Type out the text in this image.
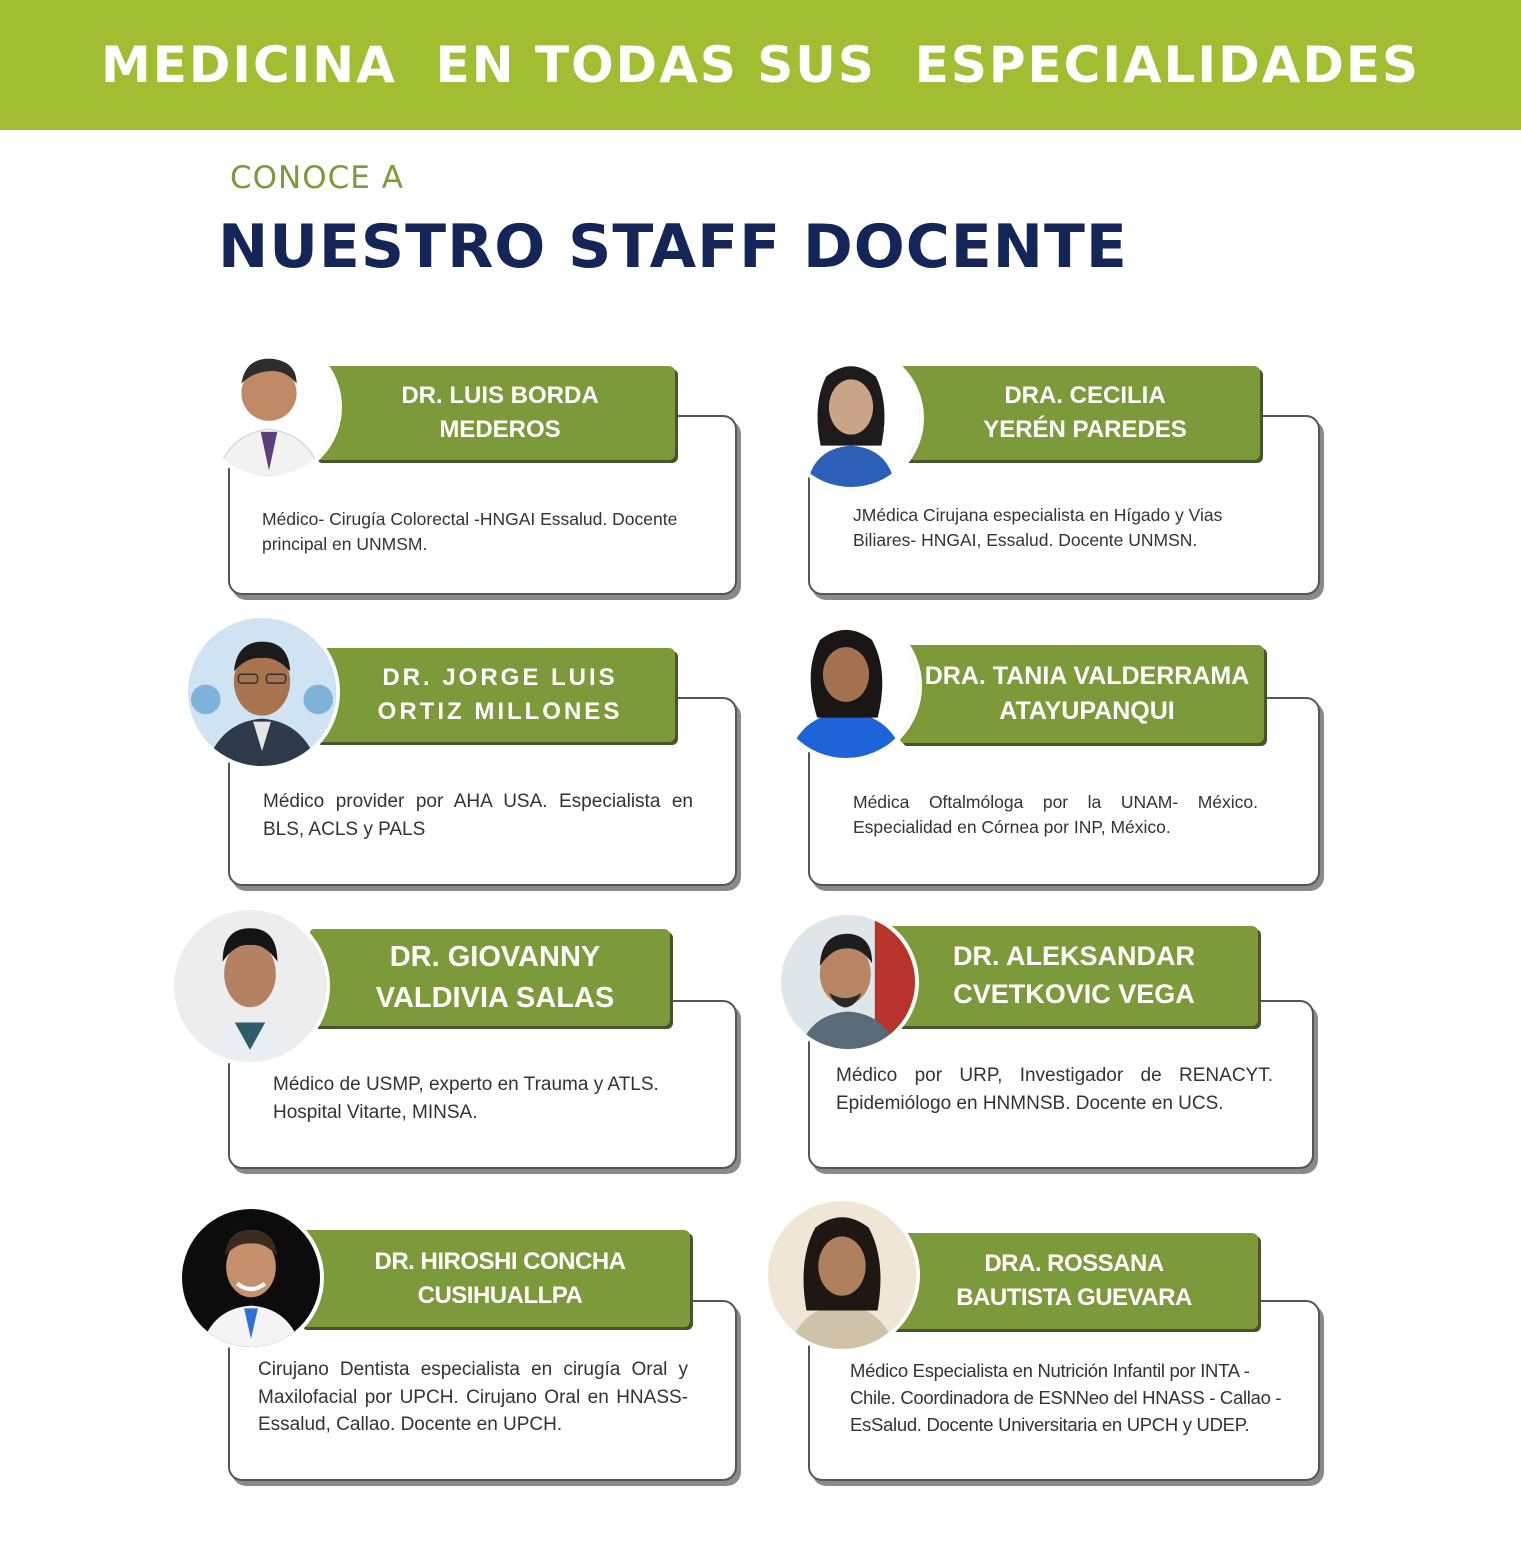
MEDICINA  EN TODAS SUS  ESPECIALIDADES
CONOCE A
NUESTRO STAFF DOCENTE
DR. LUIS BORDA
MEDEROS
Médico- Cirugía Colorectal -HNGAI Essalud. Docente principal en UNMSM.
DRA. CECILIA
YERÉN PAREDES
JMédica Cirujana especialista en Hígado y Vias Biliares- HNGAI, Essalud. Docente UNMSN.
DR. JORGE LUIS
ORTIZ MILLONES
Médico provider por AHA USA. Especialista en BLS, ACLS y PALS
DRA. TANIA VALDERRAMA
ATAYUPANQUI
Médica Oftalmóloga por la UNAM- México. Especialidad en Córnea por INP, México.
DR. GIOVANNY
VALDIVIA SALAS
Médico de USMP, experto en Trauma y ATLS. Hospital Vitarte, MINSA.
DR. ALEKSANDAR
CVETKOVIC VEGA
Médico por URP, Investigador de RENACYT. Epidemiólogo en HNMNSB. Docente en UCS.
DR. HIROSHI CONCHA
CUSIHUALLPA
Cirujano Dentista especialista en cirugía Oral y Maxilofacial por UPCH. Cirujano Oral en HNASS- Essalud, Callao. Docente en UPCH.
DRA. ROSSANA
BAUTISTA GUEVARA
Médico Especialista en Nutrición Infantil por INTA - Chile. Coordinadora de ESNNeo del HNASS - Callao - EsSalud. Docente Universitaria en UPCH y UDEP.
